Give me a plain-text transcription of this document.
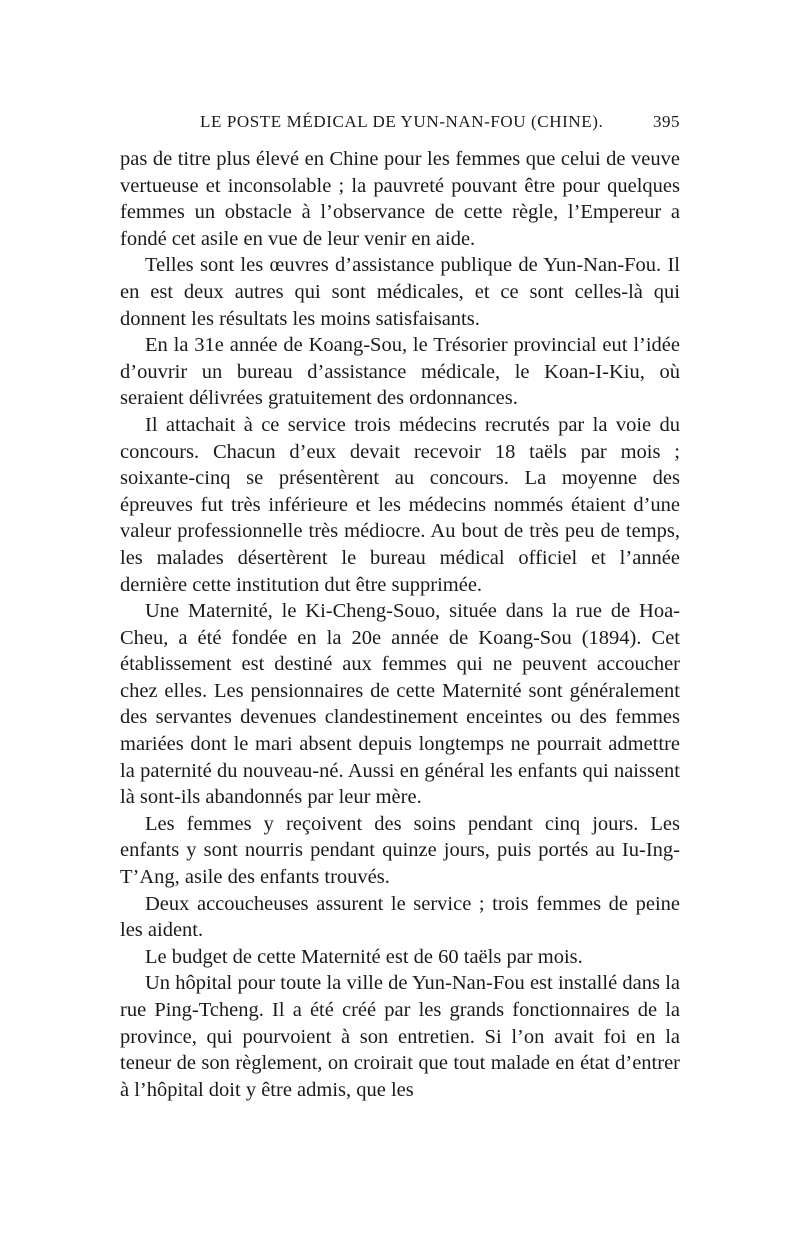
LE POSTE MÉDICAL DE YUN-NAN-FOU (CHINE).	395

pas de titre plus élevé en Chine pour les femmes que celui de veuve vertueuse et inconsolable ; la pauvreté pouvant être pour quelques femmes un obstacle à l’observance de cette règle, l’Empereur a fondé cet asile en vue de leur venir en aide.

Telles sont les œuvres d’assistance publique de Yun-Nan-Fou. Il en est deux autres qui sont médicales, et ce sont celles-là qui donnent les résultats les moins satisfaisants.

En la 31e année de Koang-Sou, le Trésorier provincial eut l’idée d’ouvrir un bureau d’assistance médicale, le Koan-I-Kiu, où seraient délivrées gratuitement des ordonnances.

Il attachait à ce service trois médecins recrutés par la voie du concours. Chacun d’eux devait recevoir 18 taëls par mois ; soixante-cinq se présentèrent au concours. La moyenne des épreuves fut très inférieure et les médecins nommés étaient d’une valeur professionnelle très médiocre. Au bout de très peu de temps, les malades désertèrent le bureau médical officiel et l’année dernière cette institution dut être supprimée.

Une Maternité, le Ki-Cheng-Souo, située dans la rue de Hoa-Cheu, a été fondée en la 20e année de Koang-Sou (1894). Cet établissement est destiné aux femmes qui ne peuvent accoucher chez elles. Les pensionnaires de cette Maternité sont généralement des servantes devenues clandestinement enceintes ou des femmes mariées dont le mari absent depuis longtemps ne pourrait admettre la paternité du nouveau-né. Aussi en général les enfants qui naissent là sont-ils abandonnés par leur mère.

Les femmes y reçoivent des soins pendant cinq jours. Les enfants y sont nourris pendant quinze jours, puis portés au Iu-Ing-T’Ang, asile des enfants trouvés.

Deux accoucheuses assurent le service ; trois femmes de peine les aident.

Le budget de cette Maternité est de 60 taëls par mois.

Un hôpital pour toute la ville de Yun-Nan-Fou est installé dans la rue Ping-Tcheng. Il a été créé par les grands fonctionnaires de la province, qui pourvoient à son entretien. Si l’on avait foi en la teneur de son règlement, on croirait que tout malade en état d’entrer à l’hôpital doit y être admis, que les
